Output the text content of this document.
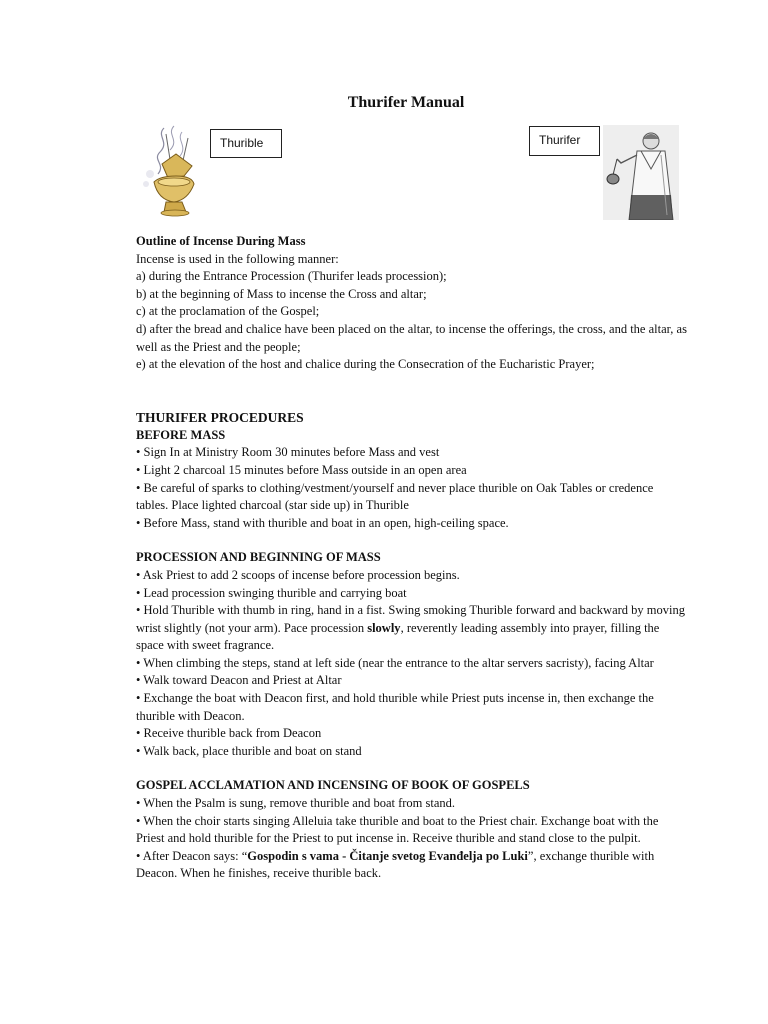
Thurifer Manual
Thurible	Thurifer

Outline of Incense During Mass

Incense is used in the following manner:

a) during the Entrance Procession (Thurifer leads procession);

b) at the beginning of Mass to incense the Cross and altar;

c) at the proclamation of the Gospel;

d) after the bread and chalice have been placed on the altar, to incense the offerings, the cross, and the altar, as well as the Priest and the people;

e) at the elevation of the host and chalice during the Consecration of the Eucharistic Prayer;

THURIFER PROCEDURES

BEFORE MASS

• Sign In at Ministry Room 30 minutes before Mass and vest

• Light 2 charcoal 15 minutes before Mass outside in an open area

• Be careful of sparks to clothing/vestment/yourself and never place thurible on Oak Tables or credence tables. Place lighted charcoal (star side up) in Thurible

• Before Mass, stand with thurible and boat in an open, high-ceiling space.

PROCESSION AND BEGINNING OF MASS

• Ask Priest to add 2 scoops of incense before procession begins.

• Lead procession swinging thurible and carrying boat

• Hold Thurible with thumb in ring, hand in a fist. Swing smoking Thurible forward and backward by moving wrist slightly (not your arm). Pace procession slowly, reverently leading assembly into prayer, filling the space with sweet fragrance.

• When climbing the steps, stand at left side (near the entrance to the altar servers sacristy), facing Altar

• Walk toward Deacon and Priest at Altar

• Exchange the boat with Deacon first, and hold thurible while Priest puts incense in, then exchange the thurible with Deacon.

• Receive thurible back from Deacon

• Walk back, place thurible and boat on stand

GOSPEL ACCLAMATION AND INCENSING OF BOOK OF GOSPELS

• When the Psalm is sung, remove thurible and boat from stand.

• When the choir starts singing Alleluia take thurible and boat to the Priest chair. Exchange boat with the Priest and hold thurible for the Priest to put incense in. Receive thurible and stand close to the pulpit.

• After Deacon says: “Gospodin s vama - Čitanje svetog Evanđelja po Luki”, exchange thurible with Deacon. When he finishes, receive thurible back.
